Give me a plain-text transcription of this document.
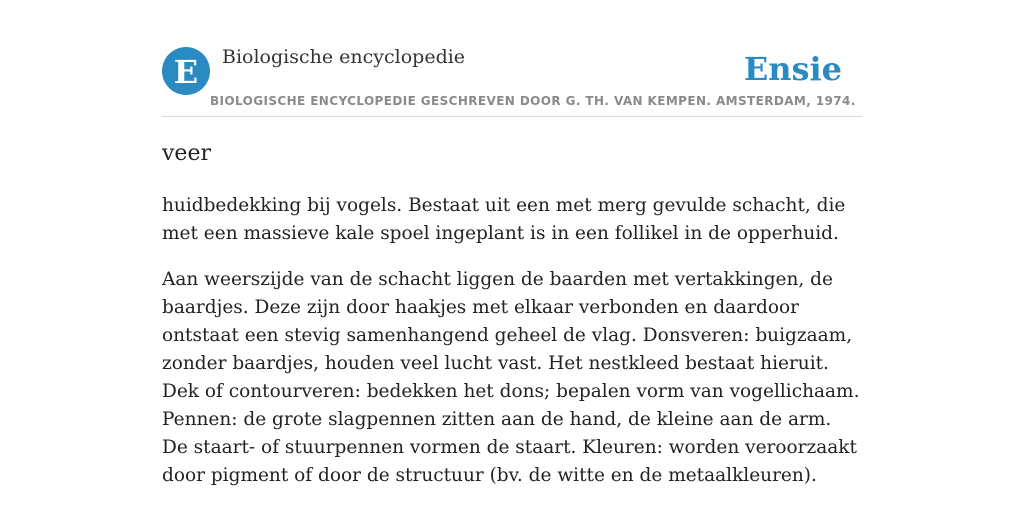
E Biologische encyclopedie	Ensie
BIOLOGISCHE ENCYCLOPEDIE GESCHREVEN DOOR G. TH. VAN KEMPEN. AMSTERDAM, 1974.
veer

huidbedekking bij vogels. Bestaat uit een met merg gevulde schacht, die met een massieve kale spoel ingeplant is in een follikel in de opperhuid.

Aan weerszijde van de schacht liggen de baarden met vertakkingen, de baardjes. Deze zijn door haakjes met elkaar verbonden en daardoor ontstaat een stevig samenhangend geheel de vlag. Donsveren: buigzaam, zonder baardjes, houden veel lucht vast. Het nestkleed bestaat hieruit. Dek of contourveren: bedekken het dons; bepalen vorm van vogellichaam. Pennen: de grote slagpennen zitten aan de hand, de kleine aan de arm. De staart- of stuurpennen vormen de staart. Kleuren: worden veroorzaakt door pigment of door de structuur (bv. de witte en de metaalkleuren).
